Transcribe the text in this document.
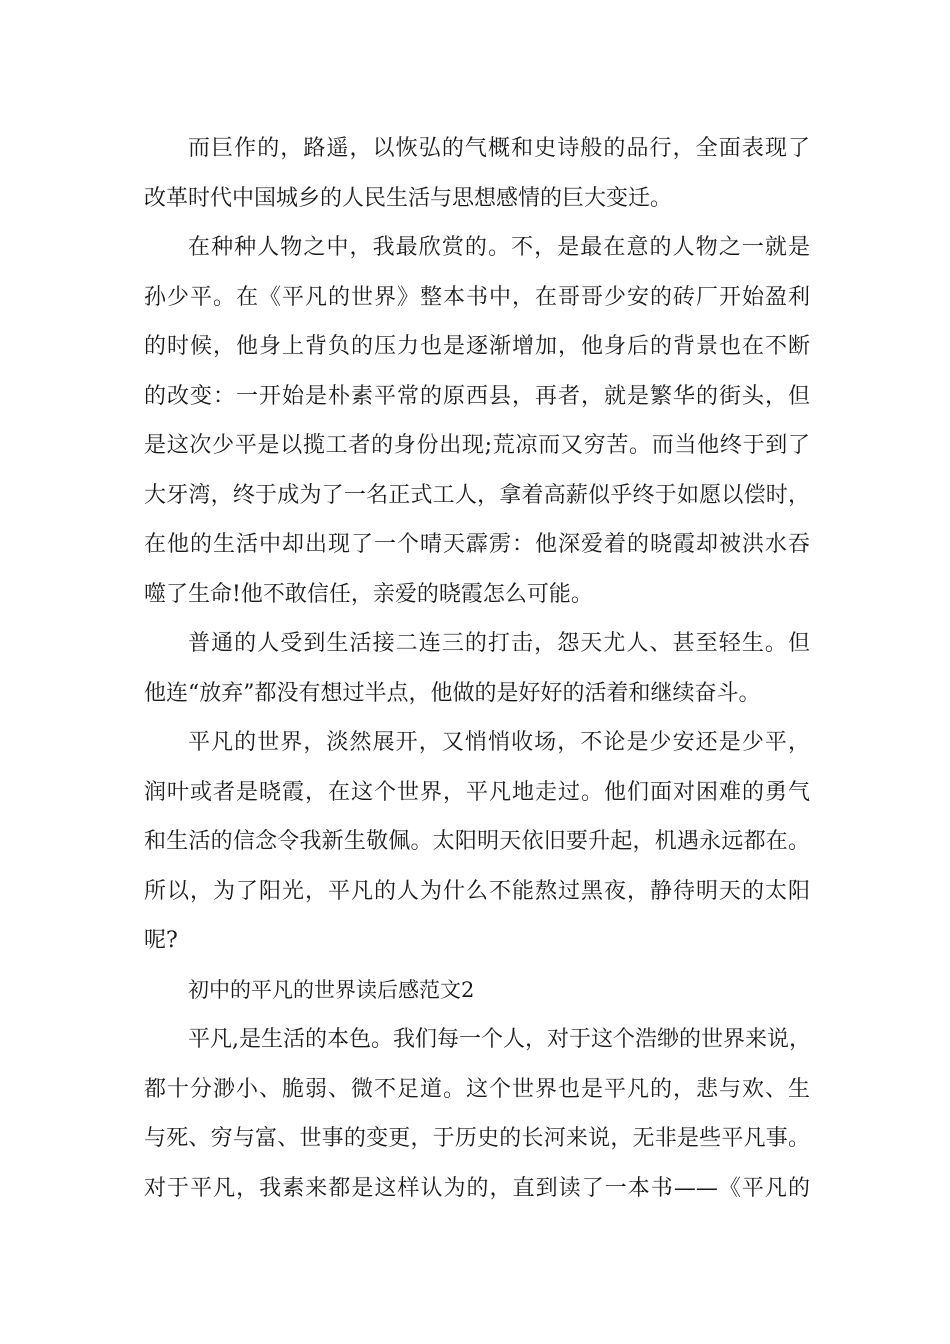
而巨作的，路遥，以恢弘的气概和史诗般的品行，全面表现了
改革时代中国城乡的人民生活与思想感情的巨大变迁。
在种种人物之中，我最欣赏的。不，是最在意的人物之一就是
孙少平。在《平凡的世界》整本书中，在哥哥少安的砖厂开始盈利
的时候，他身上背负的压力也是逐渐增加，他身后的背景也在不断
的改变：一开始是朴素平常的原西县，再者，就是繁华的街头，但
是这次少平是以揽工者的身份出现;荒凉而又穷苦。而当他终于到了
大牙湾，终于成为了一名正式工人，拿着高薪似乎终于如愿以偿时，
在他的生活中却出现了一个晴天霹雳：他深爱着的晓霞却被洪水吞
噬了生命!他不敢信任，亲爱的晓霞怎么可能。
普通的人受到生活接二连三的打击，怨天尤人、甚至轻生。但
他连“放弃”都没有想过半点，他做的是好好的活着和继续奋斗。
平凡的世界，淡然展开，又悄悄收场，不论是少安还是少平，
润叶或者是晓霞，在这个世界，平凡地走过。他们面对困难的勇气
和生活的信念令我新生敬佩。太阳明天依旧要升起，机遇永远都在。
所以，为了阳光，平凡的人为什么不能熬过黑夜，静待明天的太阳
呢?
初中的平凡的世界读后感范文2
平凡,是生活的本色。我们每一个人，对于这个浩缈的世界来说，
都十分渺小、脆弱、微不足道。这个世界也是平凡的，悲与欢、生
与死、穷与富、世事的变更，于历史的长河来说，无非是些平凡事。
对于平凡，我素来都是这样认为的，直到读了一本书——《平凡的
